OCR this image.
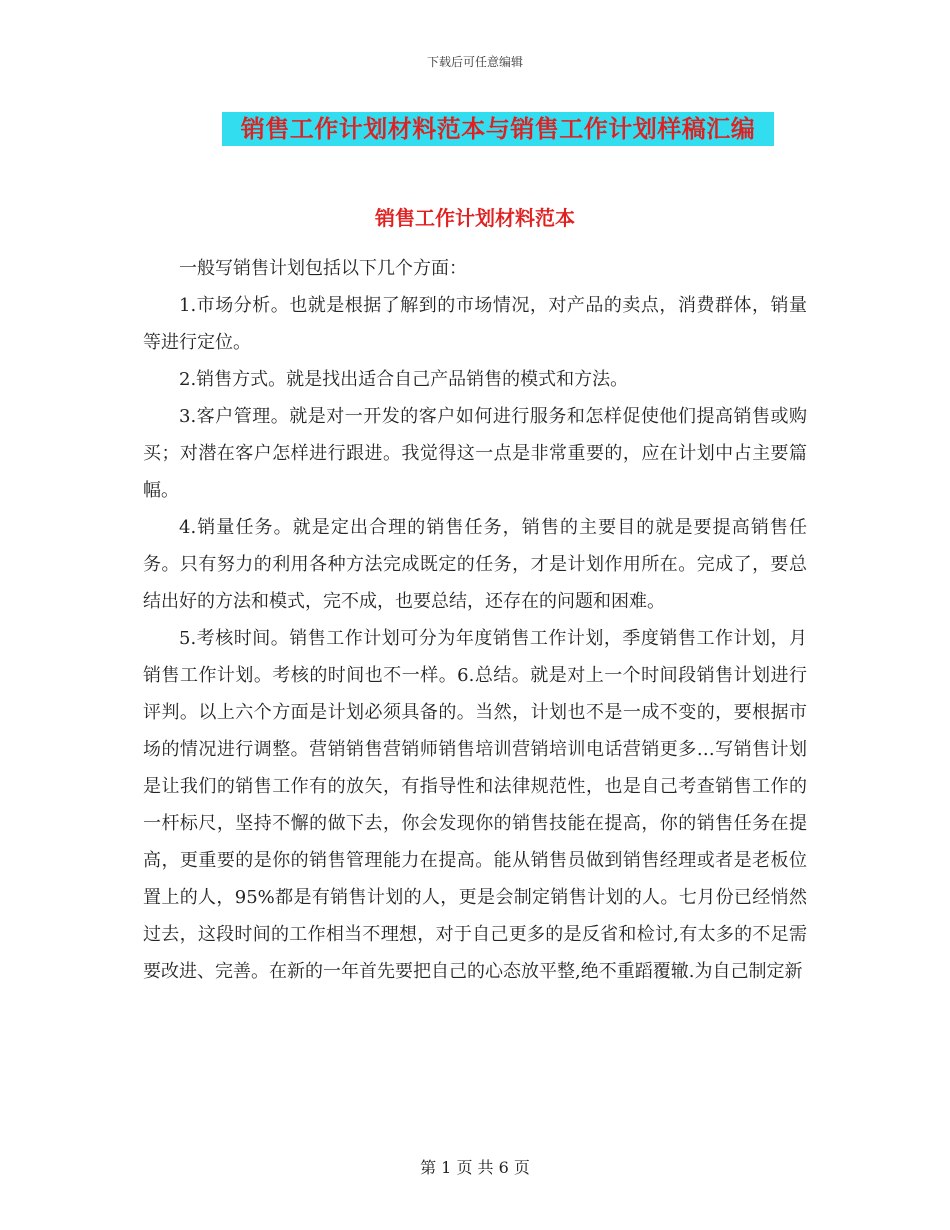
下载后可任意编辑
销售工作计划材料范本与销售工作计划样稿汇编
销售工作计划材料范本

一般写销售计划包括以下几个方面：

1.市场分析。也就是根据了解到的市场情况，对产品的卖点，消费群体，销量等进行定位。

2.销售方式。就是找出适合自己产品销售的模式和方法。

3.客户管理。就是对一开发的客户如何进行服务和怎样促使他们提高销售或购买；对潜在客户怎样进行跟进。我觉得这一点是非常重要的，应在计划中占主要篇幅。

4.销量任务。就是定出合理的销售任务，销售的主要目的就是要提高销售任务。只有努力的利用各种方法完成既定的任务，才是计划作用所在。完成了，要总结出好的方法和模式，完不成，也要总结，还存在的问题和困难。

5.考核时间。销售工作计划可分为年度销售工作计划，季度销售工作计划，月销售工作计划。考核的时间也不一样。6.总结。就是对上一个时间段销售计划进行评判。以上六个方面是计划必须具备的。当然，计划也不是一成不变的，要根据市场的情况进行调整。营销销售营销师销售培训营销培训电话营销更多…写销售计划是让我们的销售工作有的放矢，有指导性和法律规范性，也是自己考查销售工作的一杆标尺，坚持不懈的做下去，你会发现你的销售技能在提高，你的销售任务在提高，更重要的是你的销售管理能力在提高。能从销售员做到销售经理或者是老板位置上的人，95%都是有销售计划的人，更是会制定销售计划的人。七月份已经悄然过去，这段时间的工作相当不理想，对于自己更多的是反省和检讨,有太多的不足需要改进、完善。在新的一年首先要把自己的心态放平整,绝不重蹈覆辙.为自己制定新

第 1 页 共 6 页
